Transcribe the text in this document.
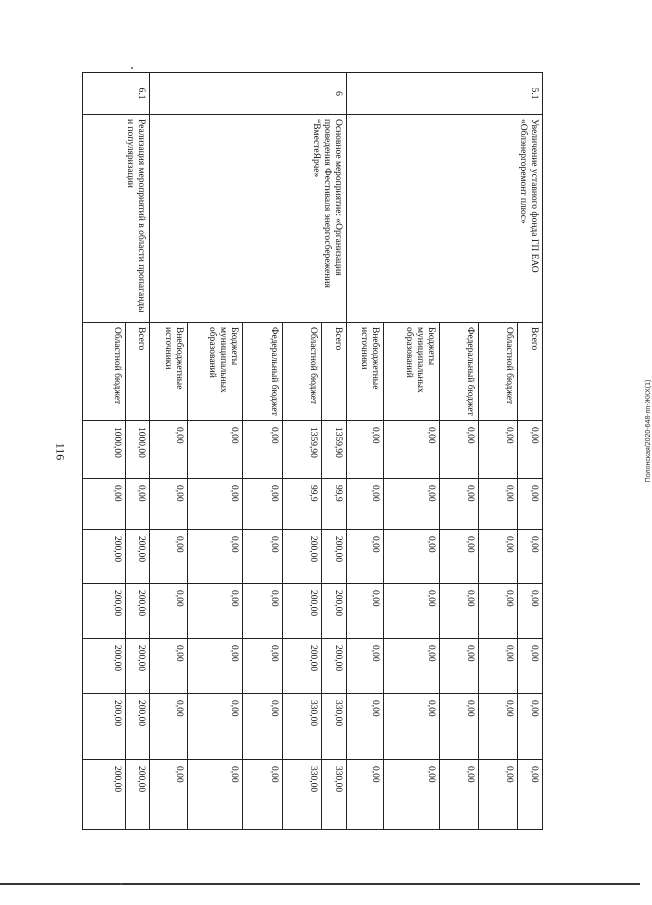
116	Полонская/2020-648-пп-ЖКХ(1)
5.1	Увеличение уставного фонда ГП ЕАО «Облэнергоремонт плюс»	Всего	0,00	0,00	0,00	0,00	0,00	0,00	0,00
		Областной бюджет	0,00	0,00	0,00	0,00	0,00	0,00	0,00
		Федеральный бюджет	0,00	0,00	0,00	0,00	0,00	0,00	0,00
		Бюджеты муниципальных образований	0,00	0,00	0,00	0,00	0,00	0,00	0,00
		Внебюджетные источники	0,00	0,00	0,00	0,00	0,00	0,00	0,00
6	Основное мероприятие: «Организация проведения Фестиваля энергосбережения “ВместеЯрче»	Всего	1359,90	99,9	200,00	200,00	200,00	330,00	330,00
		Областной бюджет	1359,90	99,9	200,00	200,00	200,00	330,00	330,00
		Федеральный бюджет	0,00	0,00	0,00	0,00	0,00	0,00	0,00
		Бюджеты муниципальных образований	0,00	0,00	0,00	0,00	0,00	0,00	0,00
		Внебюджетные источники	0,00	0,00	0,00	0,00	0,00	0,00	0,00
6.1	Реализация мероприятий в области пропаганды и популяризации	Всего	1000,00	0,00	200,00	200,00	200,00	200,00	200,00
		Областной бюджет	1000,00	0,00	200,00	200,00	200,00	200,00	200,00
